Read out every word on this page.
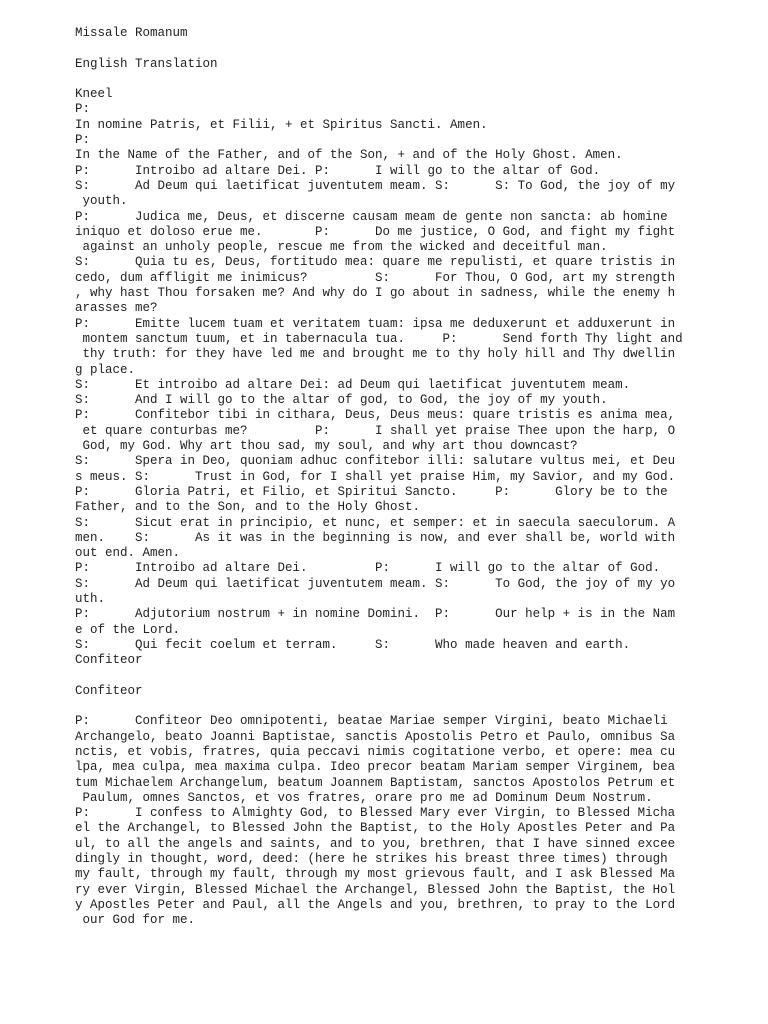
Missale Romanum
English Translation
Kneel
P:
In nomine Patris, et Filii, + et Spiritus Sancti. Amen.
P:
In the Name of the Father, and of the Son, + and of the Holy Ghost. Amen.
P:      Introibo ad altare Dei. P:      I will go to the altar of God.
S:      Ad Deum qui laetificat juventutem meam. S:      S: To God, the joy of my
youth.
P:      Judica me, Deus, et discerne causam meam de gente non sancta: ab homine
iniquo et doloso erue me.       P:      Do me justice, O God, and fight my fight
against an unholy people, rescue me from the wicked and deceitful man.
S:      Quia tu es, Deus, fortitudo mea: quare me repulisti, et quare tristis in
cedo, dum affligit me inimicus?         S:      For Thou, O God, art my strength
, why hast Thou forsaken me? And why do I go about in sadness, while the enemy h
arasses me?
P:      Emitte lucem tuam et veritatem tuam: ipsa me deduxerunt et adduxerunt in
montem sanctum tuum, et in tabernacula tua.     P:      Send forth Thy light and
thy truth: for they have led me and brought me to thy holy hill and Thy dwellin
g place.
S:      Et introibo ad altare Dei: ad Deum qui laetificat juventutem meam.
S:      And I will go to the altar of god, to God, the joy of my youth.
P:      Confitebor tibi in cithara, Deus, Deus meus: quare tristis es anima mea,
et quare conturbas me?         P:      I shall yet praise Thee upon the harp, O
God, my God. Why art thou sad, my soul, and why art thou downcast?
S:      Spera in Deo, quoniam adhuc confitebor illi: salutare vultus mei, et Deu
s meus. S:      Trust in God, for I shall yet praise Him, my Savior, and my God.
P:      Gloria Patri, et Filio, et Spiritui Sancto.     P:      Glory be to the
Father, and to the Son, and to the Holy Ghost.
S:      Sicut erat in principio, et nunc, et semper: et in saecula saeculorum. A
men.    S:      As it was in the beginning is now, and ever shall be, world with
out end. Amen.
P:      Introibo ad altare Dei.         P:      I will go to the altar of God.
S:      Ad Deum qui laetificat juventutem meam. S:      To God, the joy of my yo
uth.
P:      Adjutorium nostrum + in nomine Domini.  P:      Our help + is in the Nam
e of the Lord.
S:      Qui fecit coelum et terram.     S:      Who made heaven and earth.
Confiteor
Confiteor
P:      Confiteor Deo omnipotenti, beatae Mariae semper Virgini, beato Michaeli
Archangelo, beato Joanni Baptistae, sanctis Apostolis Petro et Paulo, omnibus Sa
nctis, et vobis, fratres, quia peccavi nimis cogitatione verbo, et opere: mea cu
lpa, mea culpa, mea maxima culpa. Ideo precor beatam Mariam semper Virginem, bea
tum Michaelem Archangelum, beatum Joannem Baptistam, sanctos Apostolos Petrum et
Paulum, omnes Sanctos, et vos fratres, orare pro me ad Dominum Deum Nostrum.
P:      I confess to Almighty God, to Blessed Mary ever Virgin, to Blessed Micha
el the Archangel, to Blessed John the Baptist, to the Holy Apostles Peter and Pa
ul, to all the angels and saints, and to you, brethren, that I have sinned excee
dingly in thought, word, deed: (here he strikes his breast three times) through
my fault, through my fault, through my most grievous fault, and I ask Blessed Ma
ry ever Virgin, Blessed Michael the Archangel, Blessed John the Baptist, the Hol
y Apostles Peter and Paul, all the Angels and you, brethren, to pray to the Lord
our God for me.
